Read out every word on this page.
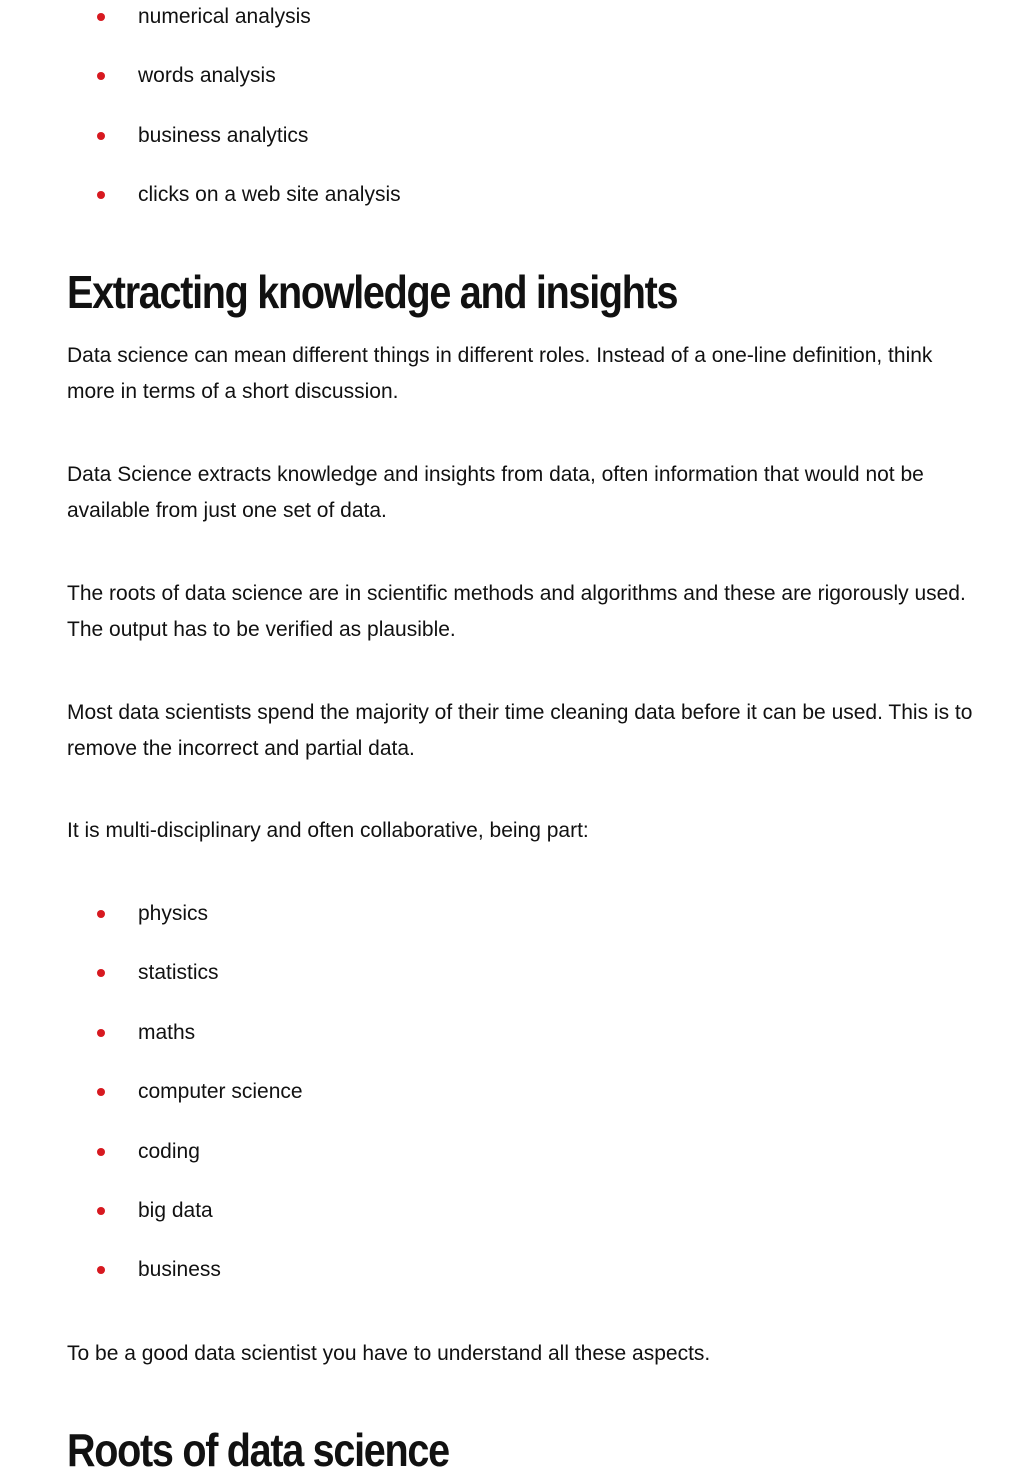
numerical analysis
words analysis
business analytics
clicks on a web site analysis
Extracting knowledge and insights

Data science can mean different things in different roles. Instead of a one-line definition, think more in terms of a short discussion.

Data Science extracts knowledge and insights from data, often information that would not be available from just one set of data.

The roots of data science are in scientific methods and algorithms and these are rigorously used. The output has to be verified as plausible.

Most data scientists spend the majority of their time cleaning data before it can be used. This is to remove the incorrect and partial data.

It is multi-disciplinary and often collaborative, being part:

physics
statistics
maths
computer science
coding
big data
business

To be a good data scientist you have to understand all these aspects.

Roots of data science
